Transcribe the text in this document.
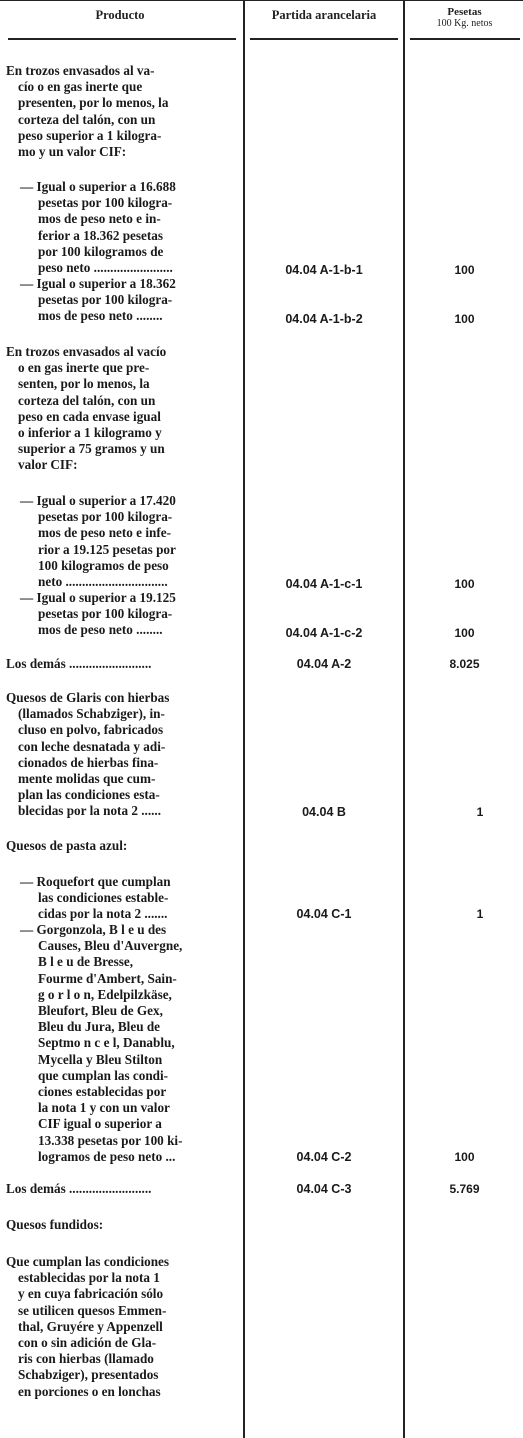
Producto	Partida arancelaria	Pesetas
100 Kg. netos
En trozos envasados al va-
cío o en gas inerte que
presenten, por lo menos, la
corteza del talón, con un
peso superior a 1 kilogra-
mo y un valor CIF:
— Igual o superior a 16.688
pesetas por 100 kilogra-
mos de peso neto e in-
ferior a 18.362 pesetas
por 100 kilogramos de
peso neto ........................	04.04 A-1-b-1	100
— Igual o superior a 18.362
pesetas por 100 kilogra-
mos de peso neto ........	04.04 A-1-b-2	100
En trozos envasados al vacío
o en gas inerte que pre-
senten, por lo menos, la
corteza del talón, con un
peso en cada envase igual
o inferior a 1 kilogramo y
superior a 75 gramos y un
valor CIF:
— Igual o superior a 17.420
pesetas por 100 kilogra-
mos de peso neto e infe-
rior a 19.125 pesetas por
100 kilogramos de peso
neto ...............................	04.04 A-1-c-1	100
— Igual o superior a 19.125
pesetas por 100 kilogra-
mos de peso neto ........	04.04 A-1-c-2	100
Los demás .........................	04.04 A-2	8.025
Quesos de Glaris con hierbas
(llamados Schabziger), in-
cluso en polvo, fabricados
con leche desnatada y adi-
cionados de hierbas fina-
mente molidas que cum-
plan las condiciones esta-
blecidas por la nota 2 ......	04.04 B	1
Quesos de pasta azul:
— Roquefort que cumplan
las condiciones estable-
cidas por la nota 2 .......	04.04 C-1	1
— Gorgonzola, B l e u des
Causes, Bleu d'Auvergne,
B l e u de Bresse,
Fourme d'Ambert, Sain-
g o r l o n, Edelpilzkäse,
Bleufort, Bleu de Gex,
Bleu du Jura, Bleu de
Septmo n c e l, Danablu,
Mycella y Bleu Stilton
que cumplan las condi-
ciones establecidas por
la nota 1 y con un valor
CIF igual o superior a
13.338 pesetas por 100 ki-
logramos de peso neto ...	04.04 C-2	100
Los demás .........................	04.04 C-3	5.769
Quesos fundidos:
Que cumplan las condiciones
establecidas por la nota 1
y en cuya fabricación sólo
se utilicen quesos Emmen-
thal, Gruyére y Appenzell
con o sin adición de Gla-
ris con hierbas (llamado
Schabziger), presentados
en porciones o en lonchas
